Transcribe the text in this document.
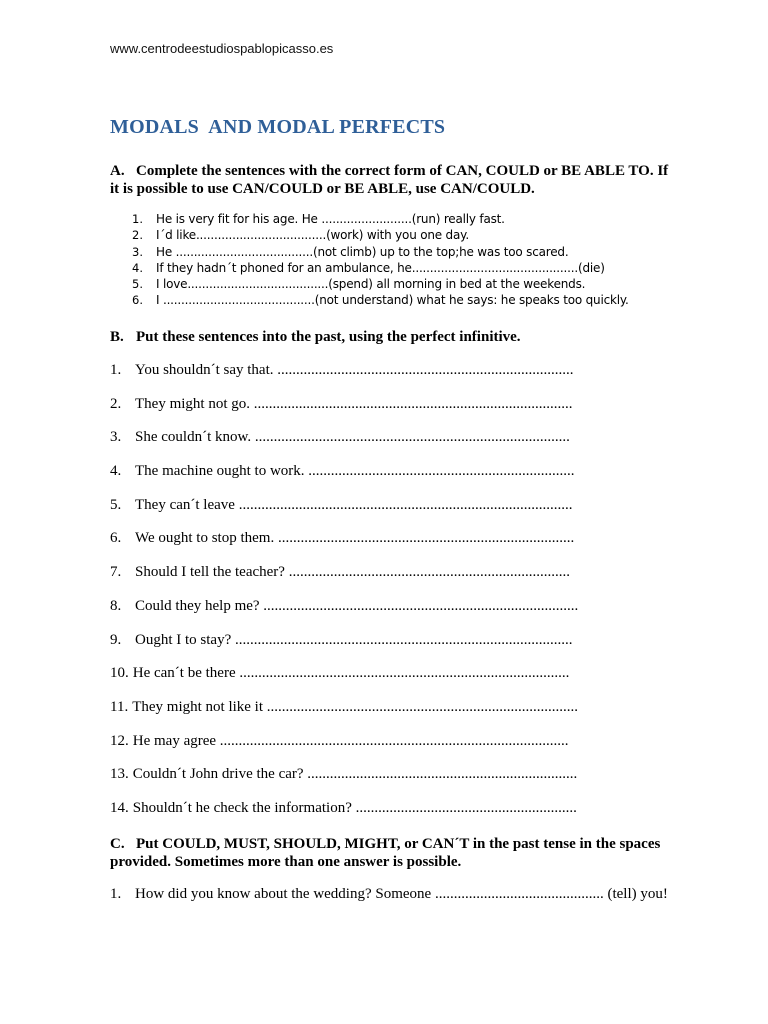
www.centrodeestudiospablopicasso.es
MODALS  AND MODAL PERFECTS
A. Complete the sentences with the correct form of CAN, COULD or BE ABLE TO. If it is possible to use CAN/COULD or BE ABLE, use CAN/COULD.
1.	He is very fit for his age. He .........................(run) really fast.
2.	I´d like....................................(work) with you one day.
3.	He ......................................(not climb) up to the top;he was too scared.
4.	If they hadn´t phoned for an ambulance, he..............................................(die)
5.	I love.......................................(spend) all morning in bed at the weekends.
6.	I ..........................................(not understand) what he says: he speaks too quickly.
B. Put these sentences into the past, using the perfect infinitive.
1. You shouldn´t say that. ...............................................................................
2. They might not go. .....................................................................................
3. She couldn´t know. ....................................................................................
4. The machine ought to work. .......................................................................
5. They can´t leave .........................................................................................
6. We ought to stop them. ...............................................................................
7. Should I tell the teacher? ...........................................................................
8. Could they help me? ....................................................................................
9. Ought I to stay? ..........................................................................................
10. He can´t be there ........................................................................................
11. They might not like it ...................................................................................
12. He may agree .............................................................................................
13. Couldn´t John drive the car? ........................................................................
14. Shouldn´t he check the information? ...........................................................
C. Put COULD, MUST, SHOULD, MIGHT, or CAN´T in the past tense in the spaces provided. Sometimes more than one answer is possible.
1. How did you know about the wedding? Someone ............................................. (tell) you!
